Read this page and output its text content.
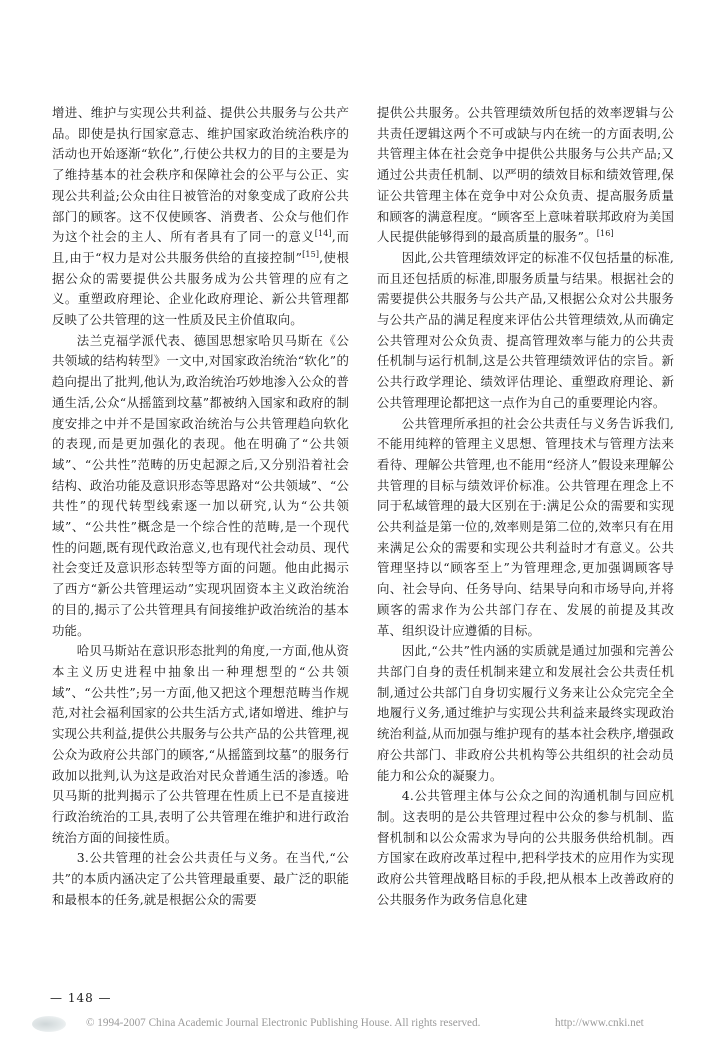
增进、维护与实现公共利益、提供公共服务与公共产品。即使是执行国家意志、维护国家政治统治秩序的活动也开始逐渐“软化”,行使公共权力的目的主要是为了维持基本的社会秩序和保障社会的公平与公正、实现公共利益;公众由往日被管治的对象变成了政府公共部门的顾客。这不仅使顾客、消费者、公众与他们作为这个社会的主人、所有者具有了同一的意义[14],而且,由于“权力是对公共服务供给的直接控制”[15],使根据公众的需要提供公共服务成为公共管理的应有之义。重塑政府理论、企业化政府理论、新公共管理都反映了公共管理的这一性质及民主价值取向。

法兰克福学派代表、德国思想家哈贝马斯在《公共领域的结构转型》一文中,对国家政治统治“软化”的趋向提出了批判,他认为,政治统治巧妙地渗入公众的普通生活,公众“从摇篮到坟墓”都被纳入国家和政府的制度安排之中并不是国家政治统治与公共管理趋向软化的表现,而是更加强化的表现。他在明确了“公共领域”、“公共性”范畴的历史起源之后,又分别沿着社会结构、政治功能及意识形态等思路对“公共领域”、“公共性”的现代转型线索逐一加以研究,认为“公共领域”、“公共性”概念是一个综合性的范畴,是一个现代性的问题,既有现代政治意义,也有现代社会动员、现代社会变迁及意识形态转型等方面的问题。他由此揭示了西方“新公共管理运动”实现巩固资本主义政治统治的目的,揭示了公共管理具有间接维护政治统治的基本功能。

哈贝马斯站在意识形态批判的角度,一方面,他从资本主义历史进程中抽象出一种理想型的“公共领域”、“公共性”;另一方面,他又把这个理想范畴当作规范,对社会福利国家的公共生活方式,诸如增进、维护与实现公共利益,提供公共服务与公共产品的公共管理,视公众为政府公共部门的顾客,“从摇篮到坟墓”的服务行政加以批判,认为这是政治对民众普通生活的渗透。哈贝马斯的批判揭示了公共管理在性质上已不是直接进行政治统治的工具,表明了公共管理在维护和进行政治统治方面的间接性质。

3.公共管理的社会公共责任与义务。在当代,“公共”的本质内涵决定了公共管理最重要、最广泛的职能和最根本的任务,就是根据公众的需要

提供公共服务。公共管理绩效所包括的效率逻辑与公共责任逻辑这两个不可或缺与内在统一的方面表明,公共管理主体在社会竞争中提供公共服务与公共产品;又通过公共责任机制、以严明的绩效目标和绩效管理,保证公共管理主体在竞争中对公众负责、提高服务质量和顾客的满意程度。“顾客至上意味着联邦政府为美国人民提供能够得到的最高质量的服务”。[16]

因此,公共管理绩效评定的标准不仅包括量的标准,而且还包括质的标准,即服务质量与结果。根据社会的需要提供公共服务与公共产品,又根据公众对公共服务与公共产品的满足程度来评估公共管理绩效,从而确定公共管理对公众负责、提高管理效率与能力的公共责任机制与运行机制,这是公共管理绩效评估的宗旨。新公共行政学理论、绩效评估理论、重塑政府理论、新公共管理理论都把这一点作为自己的重要理论内容。

公共管理所承担的社会公共责任与义务告诉我们,不能用纯粹的管理主义思想、管理技术与管理方法来看待、理解公共管理,也不能用“经济人”假设来理解公共管理的目标与绩效评价标准。公共管理在理念上不同于私域管理的最大区别在于:满足公众的需要和实现公共利益是第一位的,效率则是第二位的,效率只有在用来满足公众的需要和实现公共利益时才有意义。公共管理坚持以“顾客至上”为管理理念,更加强调顾客导向、社会导向、任务导向、结果导向和市场导向,并将顾客的需求作为公共部门存在、发展的前提及其改革、组织设计应遵循的目标。

因此,“公共”性内涵的实质就是通过加强和完善公共部门自身的责任机制来建立和发展社会公共责任机制,通过公共部门自身切实履行义务来让公众完完全全地履行义务,通过维护与实现公共利益来最终实现政治统治利益,从而加强与维护现有的基本社会秩序,增强政府公共部门、非政府公共机构等公共组织的社会动员能力和公众的凝聚力。

4.公共管理主体与公众之间的沟通机制与回应机制。这表明的是公共管理过程中公众的参与机制、监督机制和以公众需求为导向的公共服务供给机制。西方国家在政府改革过程中,把科学技术的应用作为实现政府公共管理战略目标的手段,把从根本上改善政府的公共服务作为政务信息化建

— 148 —
© 1994-2007 China Academic Journal Electronic Publishing House. All rights reserved.	http://www.cnki.net
